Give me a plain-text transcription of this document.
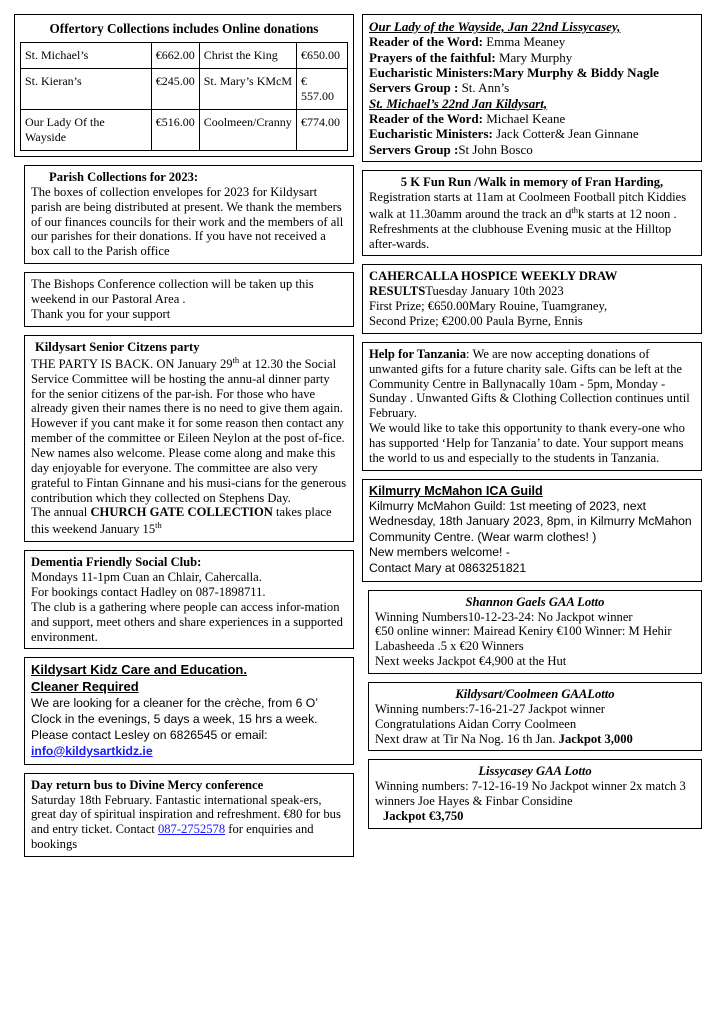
Offertory Collections includes Online donations
St. Michael’s	€662.00	Christ the King	€650.00
St. Kieran’s	€245.00	St. Mary’s KMcM	€ 557.00
Our Lady Of the Wayside	€516.00	Coolmeen/Cranny	€774.00

Parish Collections for 2023:

The boxes of collection envelopes for 2023 for Kildysart parish are being distributed at present. We thank the members of our finances councils for their work and the members of all our parishes for their donations. If you have not received a box call to the Parish office

The Bishops Conference collection will be taken up this weekend in our Pastoral Area .

Thank you for your support

Kildysart Senior Citzens party

THE PARTY IS BACK. ON January 29th at 12.30 the Social Service Committee will be hosting the annu-al dinner party for the senior citizens of the par-ish. For those who have already given their names there is no need to give them again. However if you cant make it for some reason then contact any member of the committee or Eileen Neylon at the post of-fice. New names also welcome. Please come along and make this day enjoyable for everyone. The committee are also very grateful to Fintan Ginnane and his musi-cians for the generous contribution which they collected on Stephens Day.

The annual CHURCH GATE COLLECTION takes place this weekend January 15th

Dementia Friendly Social Club:

Mondays 11-1pm Cuan an Chlair, Cahercalla.

For bookings contact Hadley on 087-1898711.

The club is a gathering where people can access infor-mation and support, meet others and share experiences in a supported environment.

Kildysart Kidz Care and Education.

Cleaner Required

We are looking for a cleaner for the crèche, from 6 O’ Clock in the evenings, 5 days a week, 15 hrs a week. Please contact Lesley on 6826545 or email: info@kildysartkidz.ie

Day return bus to Divine Mercy conference

Saturday 18th February. Fantastic international speak-ers, great day of spiritual inspiration and refreshment. €80 for bus and entry ticket. Contact 087-2752578 for enquiries and bookings

Our Lady of the Wayside, Jan 22nd Lissycasey,

Reader of the Word: Emma Meaney

Prayers of the faithful: Mary Murphy

Eucharistic Ministers:Mary Murphy & Biddy Nagle

Servers Group : St. Ann’s

St. Michael’s 22nd Jan Kildysart,

Reader of the Word: Michael Keane

Eucharistic Ministers: Jack Cotter& Jean Ginnane

Servers Group :St John Bosco

5 K Fun Run /Walk in memory of Fran Harding,

Registration starts at 11am at Coolmeen Football pitch Kiddies walk at 11.30amm around the track an $d^{th}k$ starts at 12 noon . Refreshments at the clubhouse Evening music at the Hilltop after-wards.

CAHERCALLA HOSPICE WEEKLY DRAW

RESULTSTuesday January 10th 2023

First Prize; €650.00Mary Rouine, Tuamgraney,

Second Prize; €200.00 Paula Byrne, Ennis

Help for Tanzania: We are now accepting donations of unwanted gifts for a future charity sale. Gifts can be left at the Community Centre in Ballynacally 10am - 5pm, Monday - Sunday . Unwanted Gifts & Clothing Collection continues until February.

We would like to take this opportunity to thank every-one who has supported ‘Help for Tanzania’ to date. Your support means the world to us and especially to the students in Tanzania.

Kilmurry McMahon ICA Guild

Kilmurry McMahon Guild: 1st meeting of 2023, next Wednesday, 18th January 2023, 8pm, in Kilmurry McMahon Community Centre. (Wear warm clothes! )

New members welcome! -

Contact Mary at 0863251821

Shannon Gaels GAA Lotto

Winning Numbers10-12-23-24: No Jackpot winner

€50 online winner: Mairead Keniry €100 Winner: M Hehir Labasheeda .5 x €20 Winners

Next weeks Jackpot €4,900 at the Hut

Kildysart/Coolmeen GAALotto

Winning numbers:7-16-21-27 Jackpot winner

Congratulations Aidan Corry Coolmeen

Next draw at Tir Na Nog. 16 th Jan. Jackpot 3,000

Lissycasey GAA Lotto

Winning numbers: 7-12-16-19 No Jackpot winner 2x match 3 winners Joe Hayes & Finbar Considine

Jackpot €3,750
